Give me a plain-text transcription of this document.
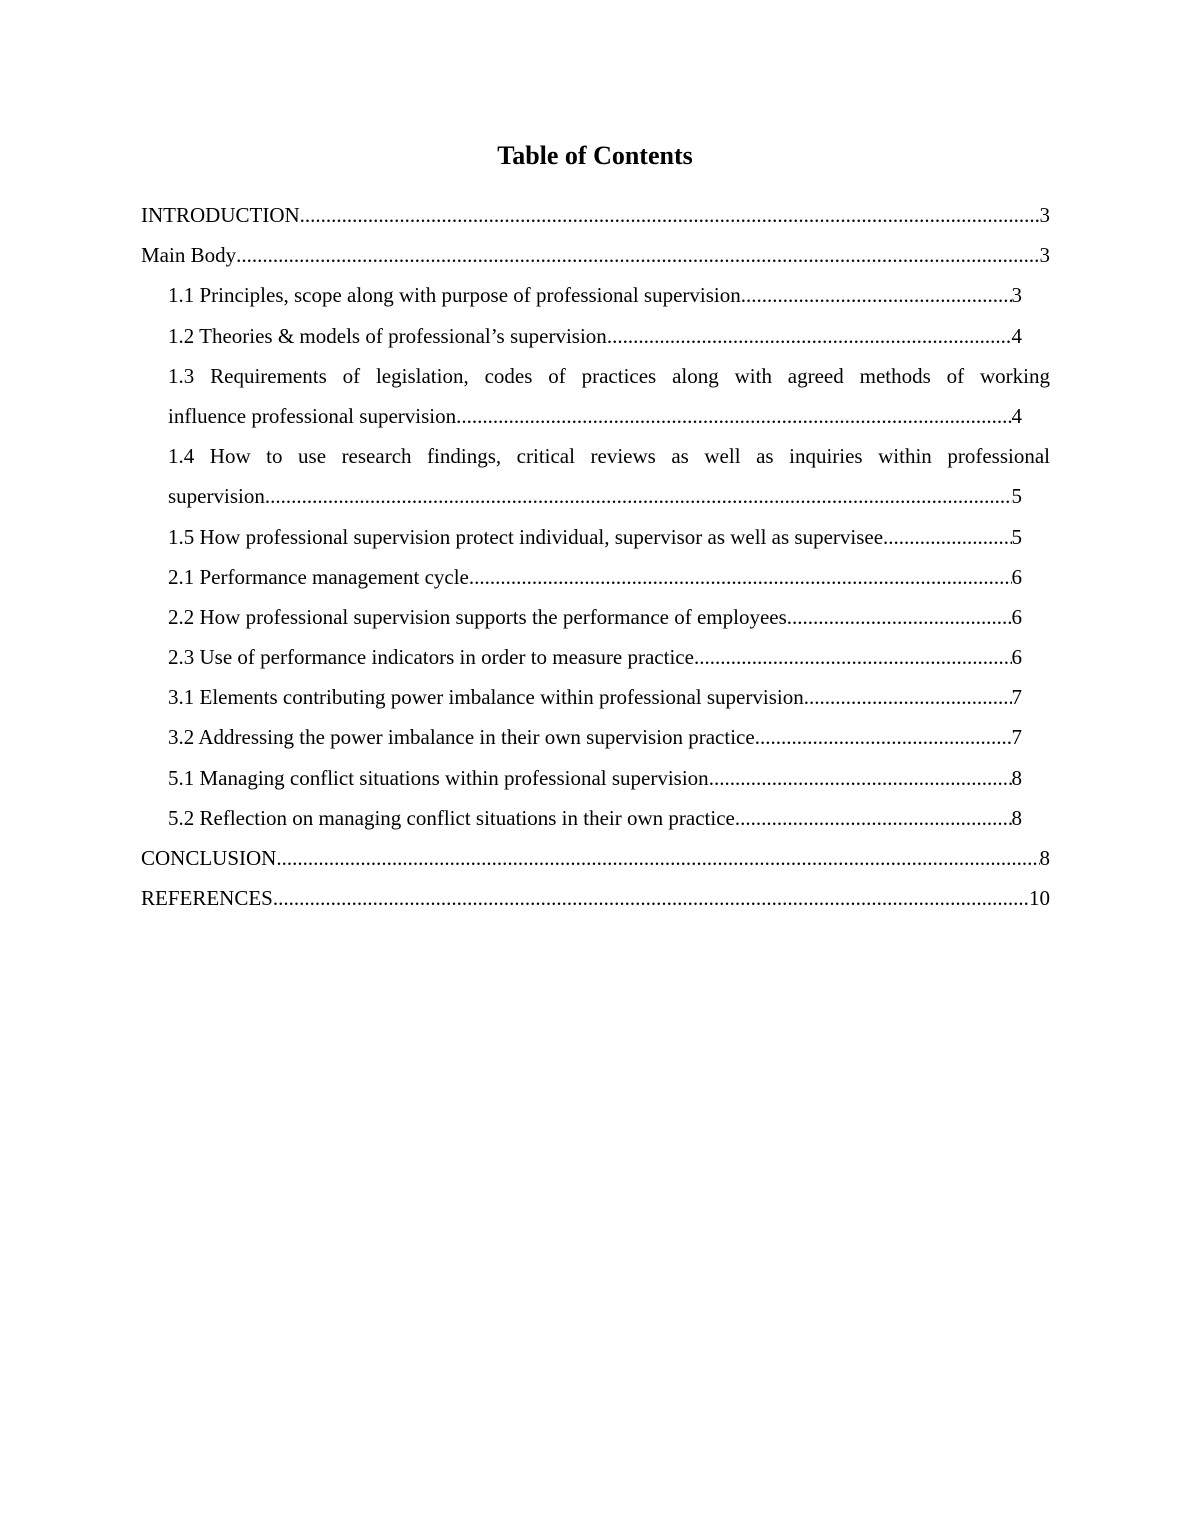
Table of Contents
INTRODUCTION .....	3
Main Body .....	3
1.1 Principles, scope along with purpose of professional supervision .....	3
1.2 Theories & models of professional’s supervision .....	4
1.3 Requirements of legislation, codes of practices along with agreed methods of working
influence professional supervision .....	4
1.4 How to use research findings, critical reviews as well as inquiries within professional
supervision .....	5
1.5 How professional supervision protect individual, supervisor as well as supervisee .....	5
2.1 Performance management cycle .....	6
2.2 How professional supervision supports the performance of employees .....	6
2.3 Use of performance indicators in order to measure practice .....	6
3.1 Elements contributing power imbalance within professional supervision .....	7
3.2 Addressing the power imbalance in their own supervision practice .....	7
5.1 Managing conflict situations within professional supervision .....	8
5.2 Reflection on managing conflict situations in their own practice .....	8
CONCLUSION .....	8
REFERENCES .....	10
